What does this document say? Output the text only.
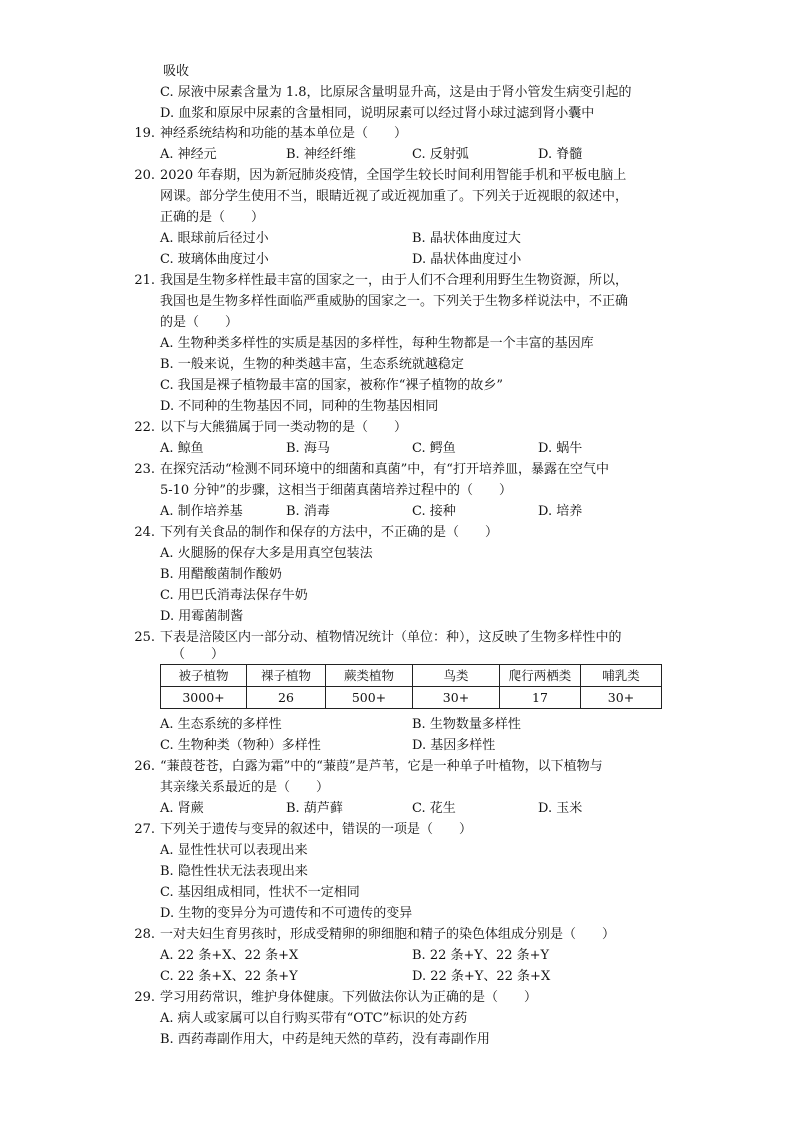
吸收
C. 尿液中尿素含量为 1.8，比原尿含量明显升高，这是由于肾小管发生病变引起的
D. 血浆和原尿中尿素的含量相同，说明尿素可以经过肾小球过滤到肾小囊中
19. 神经系统结构和功能的基本单位是（　　）
A. 神经元	B. 神经纤维	C. 反射弧	D. 脊髓
20. 2020 年春期，因为新冠肺炎疫情，全国学生较长时间利用智能手机和平板电脑上
网课。部分学生使用不当，眼睛近视了或近视加重了。下列关于近视眼的叙述中，
正确的是（　　）
A. 眼球前后径过小	B. 晶状体曲度过大
C. 玻璃体曲度过小	D. 晶状体曲度过小
21. 我国是生物多样性最丰富的国家之一，由于人们不合理利用野生生物资源，所以，
我国也是生物多样性面临严重威胁的国家之一。下列关于生物多样说法中，不正确
的是（　　）
A. 生物种类多样性的实质是基因的多样性，每种生物都是一个丰富的基因库
B. 一般来说，生物的种类越丰富，生态系统就越稳定
C. 我国是裸子植物最丰富的国家，被称作“裸子植物的故乡”
D. 不同种的生物基因不同，同种的生物基因相同
22. 以下与大熊猫属于同一类动物的是（　　）
A. 鲸鱼	B. 海马	C. 鳄鱼	D. 蜗牛
23. 在探究活动“检测不同环境中的细菌和真菌”中，有“打开培养皿，暴露在空气中
5-10 分钟”的步骤，这相当于细菌真菌培养过程中的（　　）
A. 制作培养基	B. 消毒	C. 接种	D. 培养
24. 下列有关食品的制作和保存的方法中，不正确的是（　　）
A. 火腿肠的保存大多是用真空包装法
B. 用醋酸菌制作酸奶
C. 用巴氏消毒法保存牛奶
D. 用霉菌制酱
25. 下表是涪陵区内一部分动、植物情况统计（单位：种），这反映了生物多样性中的
（　　）
被子植物	裸子植物	蕨类植物	鸟类	爬行两栖类	哺乳类
3000+	26	500+	30+	17	30+
A. 生态系统的多样性	B. 生物数量多样性
C. 生物种类（物种）多样性	D. 基因多样性
26. “蒹葭苍苍，白露为霜”中的“蒹葭”是芦苇，它是一种单子叶植物，以下植物与
其亲缘关系最近的是（　　）
A. 肾蕨	B. 葫芦藓	C. 花生	D. 玉米
27. 下列关于遗传与变异的叙述中，错误的一项是（　　）
A. 显性性状可以表现出来
B. 隐性性状无法表现出来
C. 基因组成相同，性状不一定相同
D. 生物的变异分为可遗传和不可遗传的变异
28. 一对夫妇生育男孩时，形成受精卵的卵细胞和精子的染色体组成分别是（　　）
A. 22 条+X、22 条+X	B. 22 条+Y、22 条+Y
C. 22 条+X、22 条+Y	D. 22 条+Y、22 条+X
29. 学习用药常识，维护身体健康。下列做法你认为正确的是（　　）
A. 病人或家属可以自行购买带有“OTC”标识的处方药
B. 西药毒副作用大，中药是纯天然的草药，没有毒副作用
